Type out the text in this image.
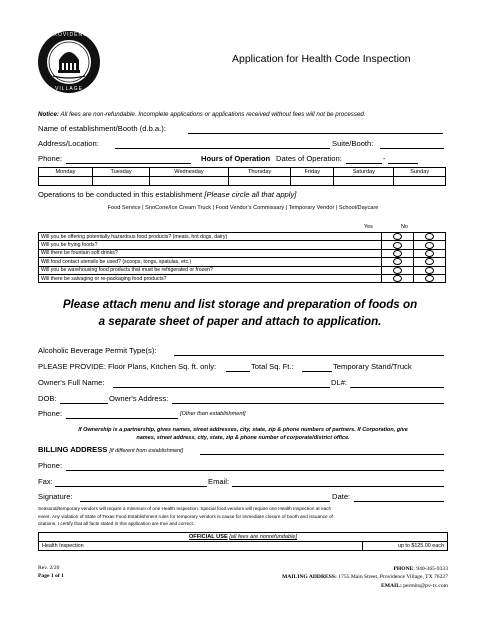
PROVIDENCE
VILLAGE
Application for Health Code Inspection
Notice: All fees are non-refundable. Incomplete applications or applications received without fees will not be processed.
Name of establishment/Booth (d.b.a.):
Address/Location:	Suite/Booth:
Phone:	Hours of Operation Dates of Operation:	-
Monday	Tuesday	Wednesday	Thursday	Friday	Saturday	Sunday

Operations to be conducted in this establishment [Please circle all that apply]
Food Service | SnoCone/Ice Cream Truck | Food Vendor's Commissary | Temporary Vendor | School/Daycare
Yes	No
Will you be offering potentially hazardous food products? (meats, hot dogs, dairy)		
Will you be frying foods?		
Will there be fountain soft drinks?		
Will food contact utensils be used? (scoops, tongs, spatulas, etc.)		
Will you be warehousing food products that must be refrigerated or frozen?		
Will there be salvaging or re-packaging food products?		
Please attach menu and list storage and preparation of foods on
a separate sheet of paper and attach to application.
Alcoholic Beverage Permit Type(s):
PLEASE PROVIDE: Floor Plans, Kitchen Sq. ft. only:	Total Sq. Ft.:	Temporary Stand/Truck
Owner's Full Name:	DL#:
DOB:	Owner's Address:
Phone:	[Other than establishment]
If Ownership is a partnership, gives names, street addresses, city, state, zip & phone numbers of partners. If Corporation, give
names, street address, city, state, zip & phone number of corporate/district office.
BILLING ADDRESS [if different from establishment]
Phone:
Fax:	Email:
Signature:	Date:
Seasonal/temporary vendors will require a minimum of one Health Inspection. Special food vendors will require one Health Inspection at each
event. Any violation of State of Texas Food Establishment rules for temporary vendors is cause for immediate closure of booth and issuance of
citations. I certify that all facts stated in this application are true and correct.
OFFICIAL USE [all fees are nonrefundable]
Health Inspection	up to $125.00 each
Rev. 2/20
Page 1 of 1
PHONE: 940-365-9333
MAILING ADDRESS: 1755 Main Street, Providence Village, TX 76227
EMAIL: permits@pv-tx.com
